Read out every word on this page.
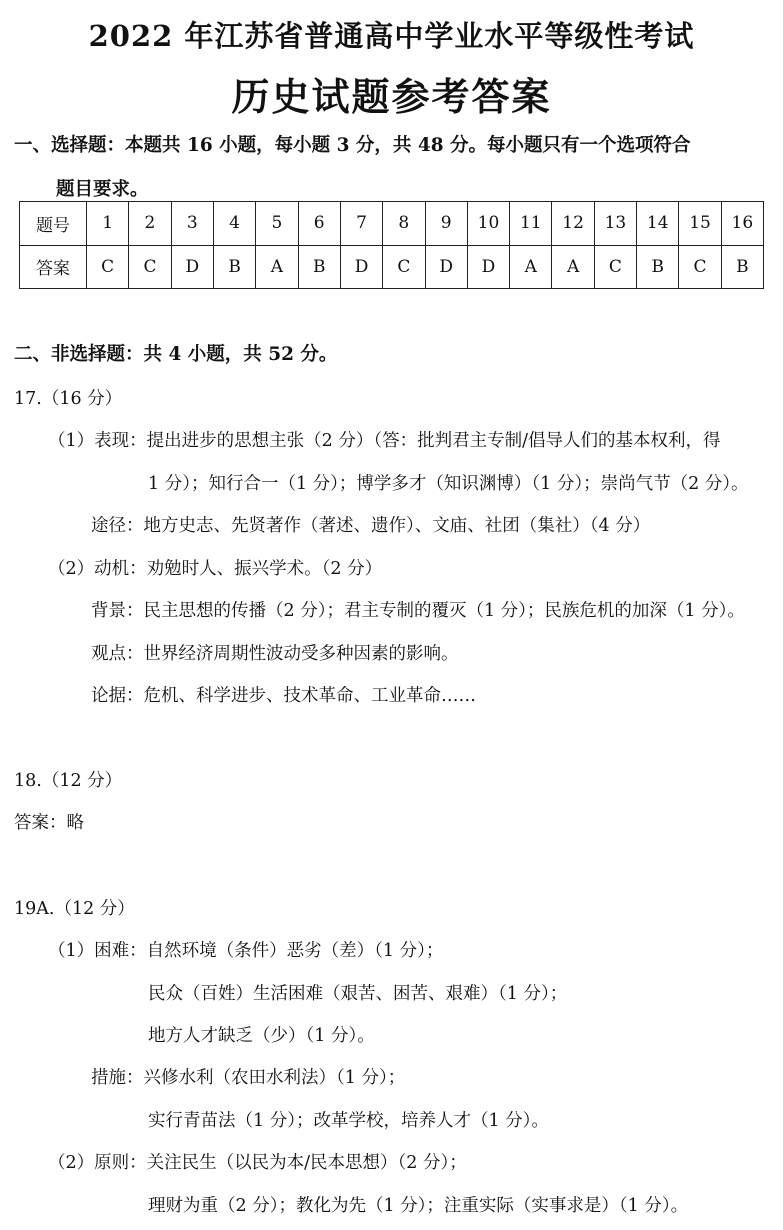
2022 年江苏省普通高中学业水平等级性考试
历史试题参考答案
一、选择题：本题共 16 小题，每小题 3 分，共 48 分。每小题只有一个选项符合
题目要求。
题号	1	2	3	4	5	6	7	8	9	10	11	12	13	14	15	16
答案	C	C	D	B	A	B	D	C	D	D	A	A	C	B	C	B
二、非选择题：共 4 小题，共 52 分。
17.（16 分）
（1）表现：提出进步的思想主张（2 分）（答：批判君主专制/倡导人们的基本权利，得
1 分）；知行合一（1 分）；博学多才（知识渊博）（1 分）；崇尚气节（2 分）。
途径：地方史志、先贤著作（著述、遗作）、文庙、社团（集社）（4 分）
（2）动机：劝勉时人、振兴学术。（2 分）
背景：民主思想的传播（2 分）；君主专制的覆灭（1 分）；民族危机的加深（1 分）。
观点：世界经济周期性波动受多种因素的影响。
论据：危机、科学进步、技术革命、工业革命……
18.（12 分）
答案：略
19A.（12 分）
（1）困难：自然环境（条件）恶劣（差）（1 分）；
民众（百姓）生活困难（艰苦、困苦、艰难）（1 分）；
地方人才缺乏（少）（1 分）。
措施：兴修水利（农田水利法）（1 分）；
实行青苗法（1 分）；改革学校，培养人才（1 分）。
（2）原则：关注民生（以民为本/民本思想）（2 分）；
理财为重（2 分）；教化为先（1 分）；注重实际（实事求是）（1 分）。
